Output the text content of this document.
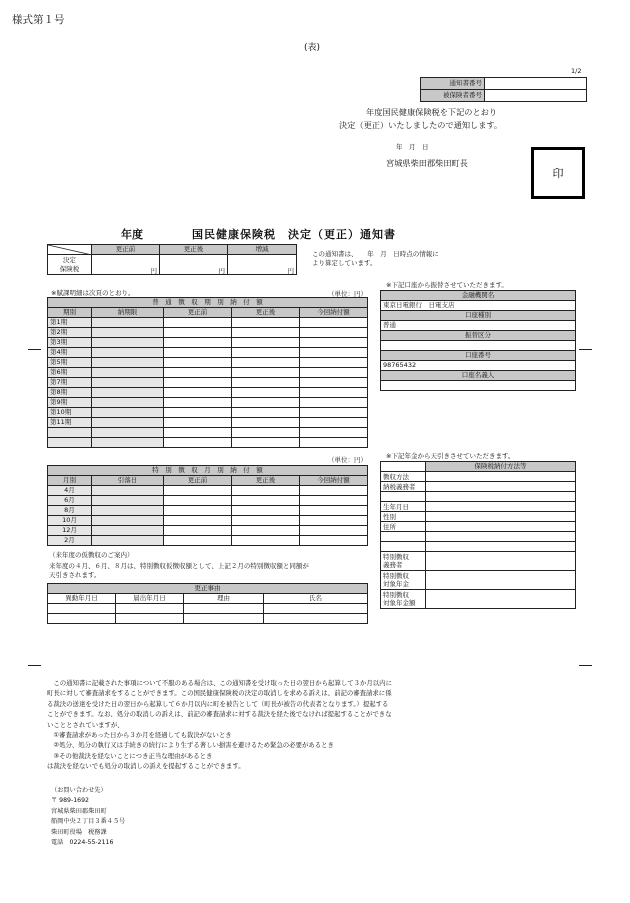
様式第１号
(表)
1/2
通知書番号	
被保険者番号	
年度国民健康保険税を下記のとおり
決定（更正）いたしましたので通知します。
年　月　日
宮城県柴田郡柴田町長
印
年度	国民健康保険税　決定（更正）通知書
	更正前	更正後	増減
決定
保険税	円	円	円
この通知書は、　　年　月　日時点の情報に
より算定しています。
※賦課明細は次頁のとおり。	（単位：円）
普　通　徴　収　期　別　納　付　額				
期別	納期限	更正前	更正後	今回納付額
第1期				
第2期				
第3期				
第4期				
第5期				
第6期				
第7期				
第8期				
第9期				
第10期				
第11期				

（単位：円）
特　別　徴　収　月　別　納　付　額				
月別	引落日	更正前	更正後	今回納付額
4月				
6月				
8月				
10月				
12月				
2月				
（来年度の仮徴収のご案内）
来年度の４月、６月、８月は、特別徴収仮徴収額として、上記２月の特別徴収額と同額が
天引きされます。
更正事由			
異動年月日	届出年月日	理由	氏名

※下記口座から振替させていただきます。
金融機関名
東京日電銀行　日電支店
口座種別
普通
振替区分

口座番号
98765432
口座名義人

※下記年金から天引きさせていただきます。
	保険税納付方法等
徴収方法	
納税義務者	

生年月日	
性別	
住所	

特別徴収
義務者	
特別徴収
対象年金	
特別徴収
対象年金額	
　この通知書に記載された事項について不服のある場合は、この通知書を受け取った日の翌日から起算して３か月以内に
町長に対して審査請求をすることができます。この国民健康保険税の決定の取消しを求める訴えは、前記の審査請求に係
る裁決の送達を受けた日の翌日から起算して６か月以内に町を被告として（町長が被告の代表者となります。）提起する
ことができます。なお、処分の取消しの訴えは、前記の審査請求に対する裁決を経た後でなければ提起することができな
いこととされていますが、
　①審査請求があった日から３か月を経過しても裁決がないとき
　②処分、処分の執行又は手続きの続行により生ずる著しい損害を避けるため緊急の必要があるとき
　③その他裁決を経ないことにつき正当な理由があるとき
は裁決を経ないでも処分の取消しの訴えを提起することができます。
（お問い合わせ先）
〒 989-1692
宮城県柴田郡柴田町
船岡中央２丁目３番４５号
柴田町役場　税務課
電話　0224-55-2116
